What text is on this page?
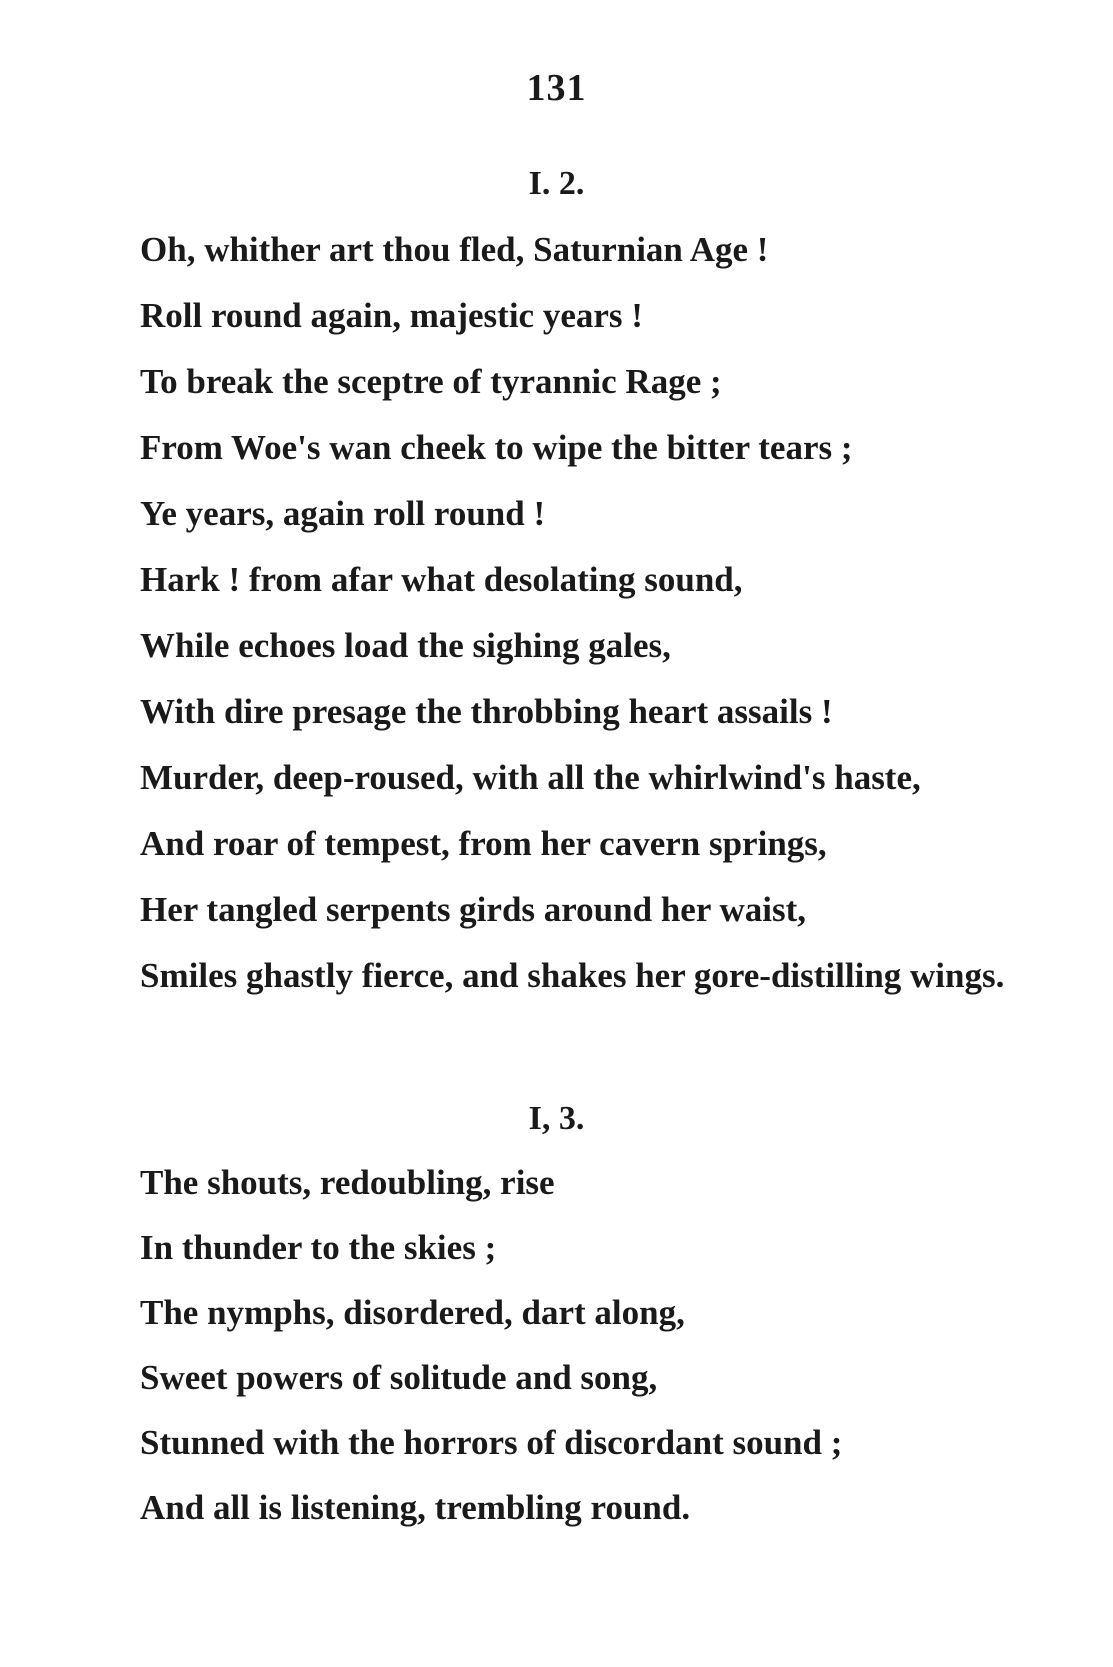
131
I. 2.
Oh, whither art thou fled, Saturnian Age !
Roll round again, majestic years !
To break the sceptre of tyrannic Rage ;
From Woe's wan cheek to wipe the bitter tears ;
Ye years, again roll round !
Hark ! from afar what desolating sound,
While echoes load the sighing gales,
With dire presage the throbbing heart assails !
Murder, deep-roused, with all the whirlwind's haste,
And roar of tempest, from her cavern springs,
Her tangled serpents girds around her waist,
Smiles ghastly fierce, and shakes her gore-distilling wings.
I, 3.
The shouts, redoubling, rise
In thunder to the skies ;
The nymphs, disordered, dart along,
Sweet powers of solitude and song,
Stunned with the horrors of discordant sound ;
And all is listening, trembling round.
